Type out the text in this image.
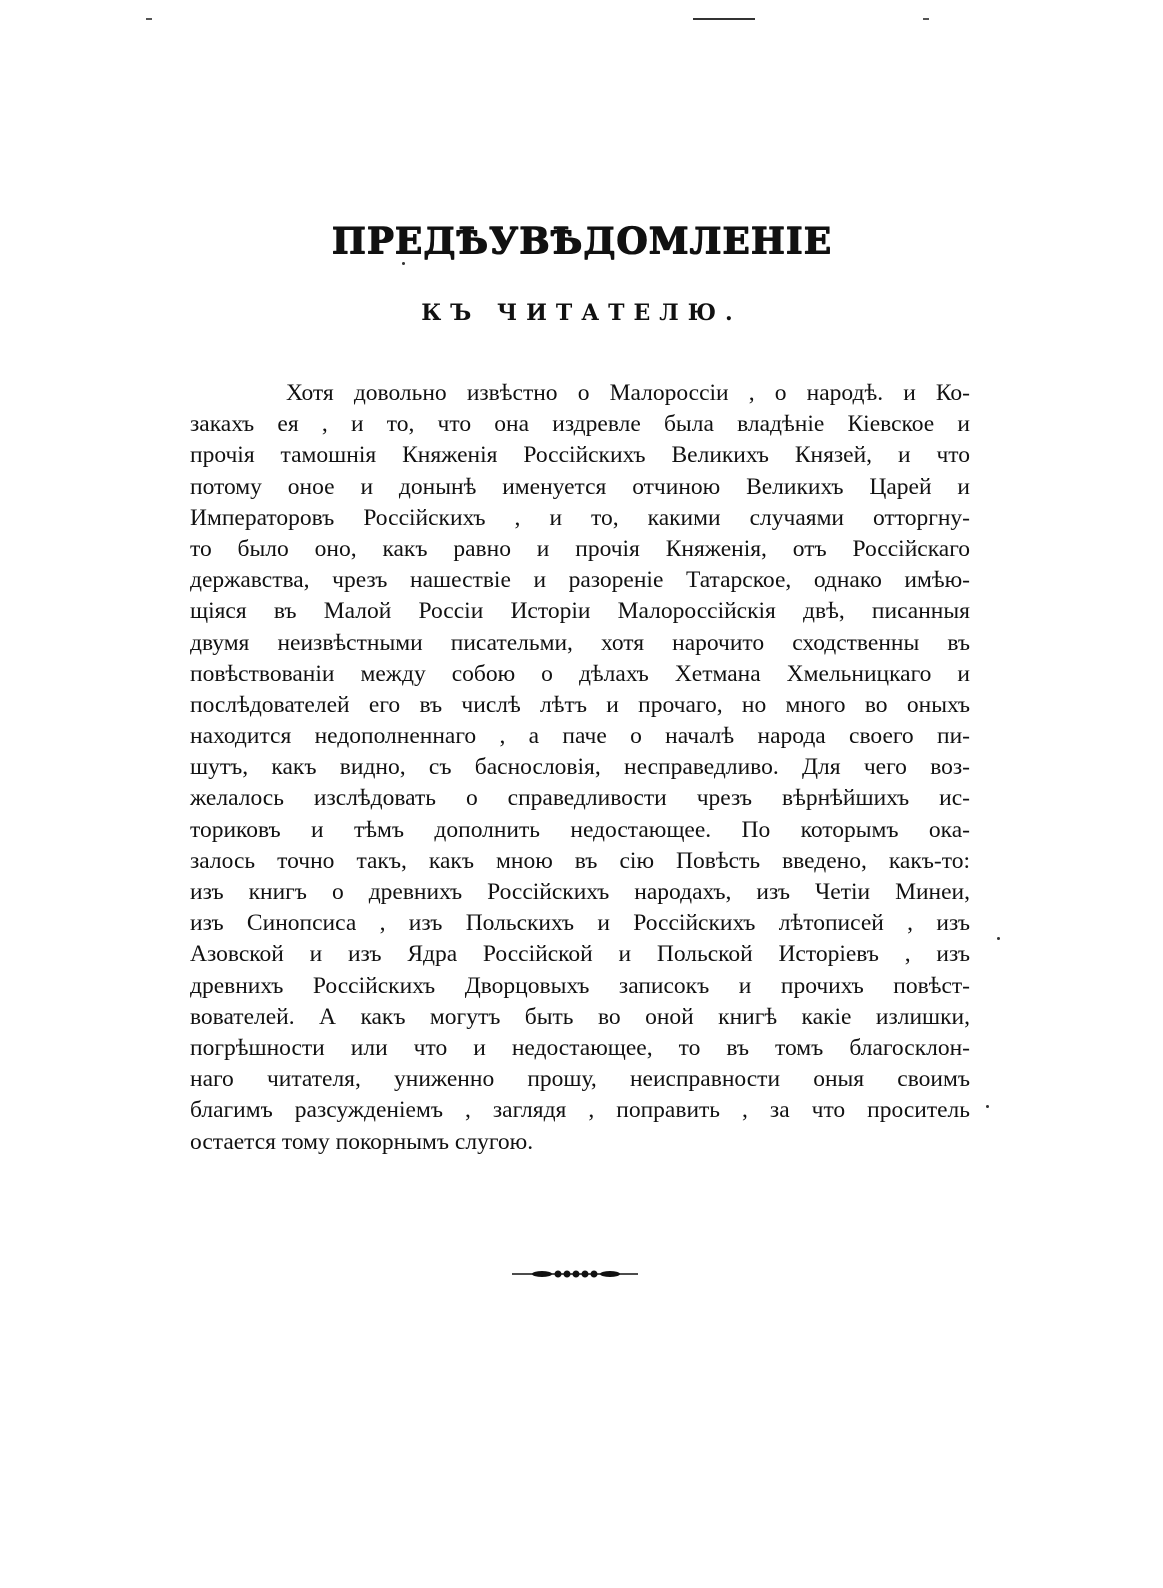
ПРЕДѢУВѢДОМЛЕНІЕ
КЪ ЧИТАТЕЛЮ.
Хотя довольно извѣстно о Малороссіи , о народѣ. и Ко-
закахъ ея , и то, что она издревле была владѣніе Кіевское и
прочія тамошнія Княженія Россійскихъ Великихъ Князей, и что
потому оное и донынѣ именуется отчиною Великихъ Царей и
Императоровъ Россійскихъ , и то, какими случаями отторгну-
то было оно, какъ равно и прочія Княженія, отъ Россійскаго
державства, чрезъ нашествіе и разореніе Татарское, однако имѣю-
щіяся въ Малой Россіи Исторіи Малороссійскія двѣ, писанныя
двумя неизвѣстными писательми, хотя нарочито сходственны въ
повѣствованіи между собою о дѣлахъ Хетмана Хмельницкаго и
послѣдователей его въ числѣ лѣтъ и прочаго, но много во оныхъ
находится недополненнаго , а паче о началѣ народа своего пи-
шутъ, какъ видно, съ баснословія, несправедливо. Для чего воз-
желалось изслѣдовать о справедливости чрезъ вѣрнѣйшихъ ис-
ториковъ и тѣмъ дополнить недостающее. По которымъ ока-
залось точно такъ, какъ мною въ сію Повѣсть введено, какъ-то:
изъ книгъ о древнихъ Россійскихъ народахъ, изъ Четіи Минеи,
изъ Синопсиса , изъ Польскихъ и Россійскихъ лѣтописей , изъ
Азовской и изъ Ядра Россійской и Польской Исторіевъ , изъ
древнихъ Россійскихъ Дворцовыхъ записокъ и прочихъ повѣст-
вователей. А какъ могутъ быть во оной книгѣ какіе излишки,
погрѣшности или что и недостающее, то въ томъ благосклон-
наго читателя, униженно прошу, неисправности оныя своимъ
благимъ разсужденіемъ , заглядя , поправить , за что проситель
остается тому покорнымъ слугою.
